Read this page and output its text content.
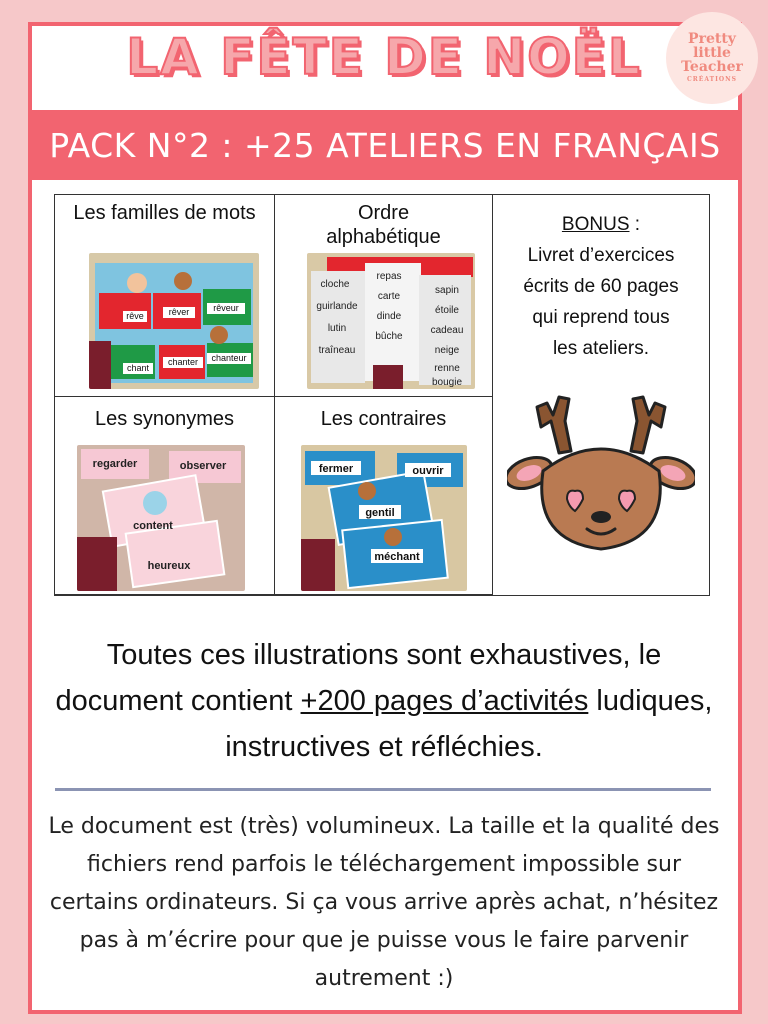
LA FÊTE DE NOËL	Pretty
little
Teacher
CRÉATIONS
PACK N°2 : +25 ATELIERS EN FRANÇAIS
Les familles de mots
rêve	rêver	rêveur
chant
chanter chanteur
Ordre alphabétique
cloche
guirlande
lutin
traîneau
repas
carte
dinde
bûche
sapin
étoile
cadeau
neige
renne
bougie
Les synonymes
regarder	observer
content
heureux
Les contraires
fermer	ouvrir
gentil
méchant
BONUS :
Livret d’exercices
écrits de 60 pages
qui reprend tous
les ateliers.
Toutes ces illustrations sont exhaustives, le document contient +200 pages d’activités ludiques, instructives et réfléchies.
Le document est (très) volumineux. La taille et la qualité des fichiers rend parfois le téléchargement impossible sur certains ordinateurs. Si ça vous arrive après achat, n’hésitez pas à m’écrire pour que je puisse vous le faire parvenir autrement :)
